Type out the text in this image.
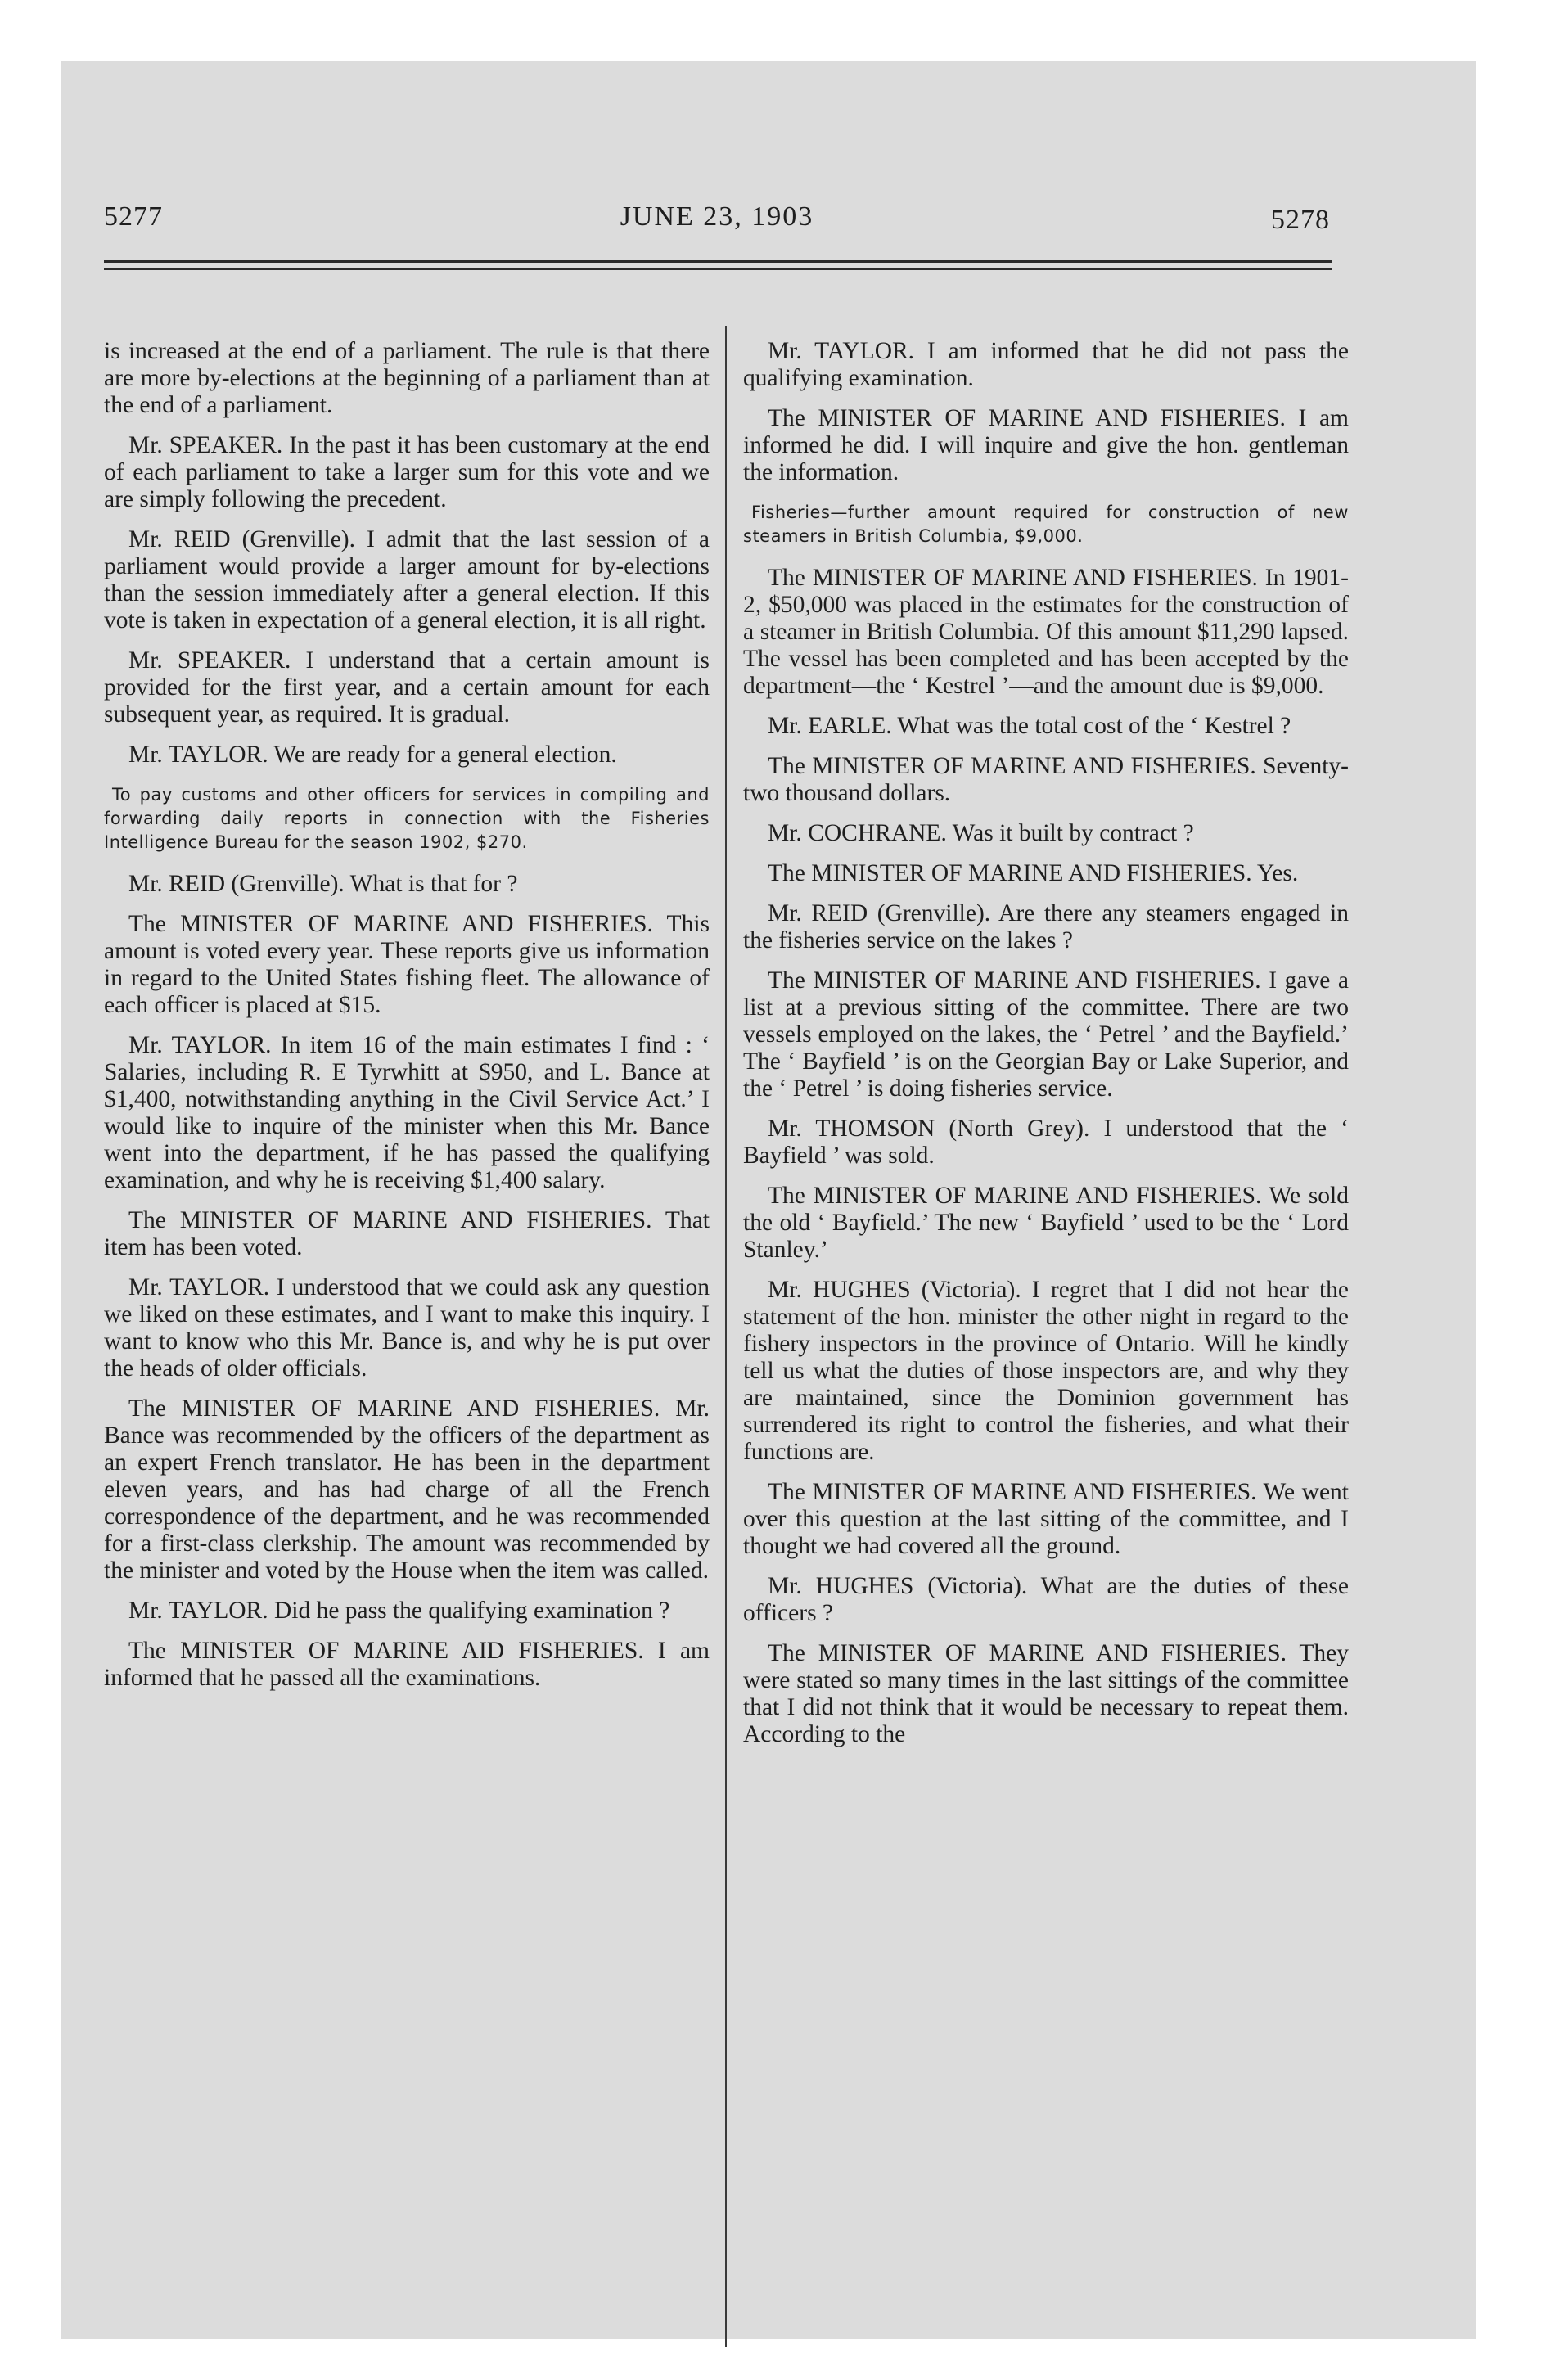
5277	JUNE 23, 1903	5278

is increased at the end of a parliament. The rule is that there are more by-elections at the beginning of a parliament than at the end of a parliament.

Mr. SPEAKER. In the past it has been customary at the end of each parliament to take a larger sum for this vote and we are simply following the precedent.

Mr. REID (Grenville). I admit that the last session of a parliament would provide a larger amount for by-elections than the session immediately after a general election. If this vote is taken in expectation of a general election, it is all right.

Mr. SPEAKER. I understand that a certain amount is provided for the first year, and a certain amount for each subsequent year, as required. It is gradual.

Mr. TAYLOR. We are ready for a general election.

To pay customs and other officers for services in compiling and forwarding daily reports in connection with the Fisheries Intelligence Bureau for the season 1902, $270.

Mr. REID (Grenville). What is that for ?

The MINISTER OF MARINE AND FISHERIES. This amount is voted every year. These reports give us information in regard to the United States fishing fleet. The allowance of each officer is placed at $15.

Mr. TAYLOR. In item 16 of the main estimates I find : ‘ Salaries, including R. E Tyrwhitt at $950, and L. Bance at $1,400, notwithstanding anything in the Civil Service Act.’ I would like to inquire of the minister when this Mr. Bance went into the department, if he has passed the qualifying examination, and why he is receiving $1,400 salary.

The MINISTER OF MARINE AND FISHERIES. That item has been voted.

Mr. TAYLOR. I understood that we could ask any question we liked on these estimates, and I want to make this inquiry. I want to know who this Mr. Bance is, and why he is put over the heads of older officials.

The MINISTER OF MARINE AND FISHERIES. Mr. Bance was recommended by the officers of the department as an expert French translator. He has been in the department eleven years, and has had charge of all the French correspondence of the department, and he was recommended for a first-class clerkship. The amount was recommended by the minister and voted by the House when the item was called.

Mr. TAYLOR. Did he pass the qualifying examination ?

The MINISTER OF MARINE AID FISHERIES. I am informed that he passed all the examinations.

Mr. TAYLOR. I am informed that he did not pass the qualifying examination.

The MINISTER OF MARINE AND FISHERIES. I am informed he did. I will inquire and give the hon. gentleman the information.

Fisheries—further amount required for construction of new steamers in British Columbia, $9,000.

The MINISTER OF MARINE AND FISHERIES. In 1901-2, $50,000 was placed in the estimates for the construction of a steamer in British Columbia. Of this amount $11,290 lapsed. The vessel has been completed and has been accepted by the department—the ‘ Kestrel ’—and the amount due is $9,000.

Mr. EARLE. What was the total cost of the ‘ Kestrel ?

The MINISTER OF MARINE AND FISHERIES. Seventy-two thousand dollars.

Mr. COCHRANE. Was it built by contract ?

The MINISTER OF MARINE AND FISHERIES. Yes.

Mr. REID (Grenville). Are there any steamers engaged in the fisheries service on the lakes ?

The MINISTER OF MARINE AND FISHERIES. I gave a list at a previous sitting of the committee. There are two vessels employed on the lakes, the ‘ Petrel ’ and the Bayfield.’ The ‘ Bayfield ’ is on the Georgian Bay or Lake Superior, and the ‘ Petrel ’ is doing fisheries service.

Mr. THOMSON (North Grey). I understood that the ‘ Bayfield ’ was sold.

The MINISTER OF MARINE AND FISHERIES. We sold the old ‘ Bayfield.’ The new ‘ Bayfield ’ used to be the ‘ Lord Stanley.’

Mr. HUGHES (Victoria). I regret that I did not hear the statement of the hon. minister the other night in regard to the fishery inspectors in the province of Ontario. Will he kindly tell us what the duties of those inspectors are, and why they are maintained, since the Dominion government has surrendered its right to control the fisheries, and what their functions are.

The MINISTER OF MARINE AND FISHERIES. We went over this question at the last sitting of the committee, and I thought we had covered all the ground.

Mr. HUGHES (Victoria). What are the duties of these officers ?

The MINISTER OF MARINE AND FISHERIES. They were stated so many times in the last sittings of the committee that I did not think that it would be necessary to repeat them. According to the
